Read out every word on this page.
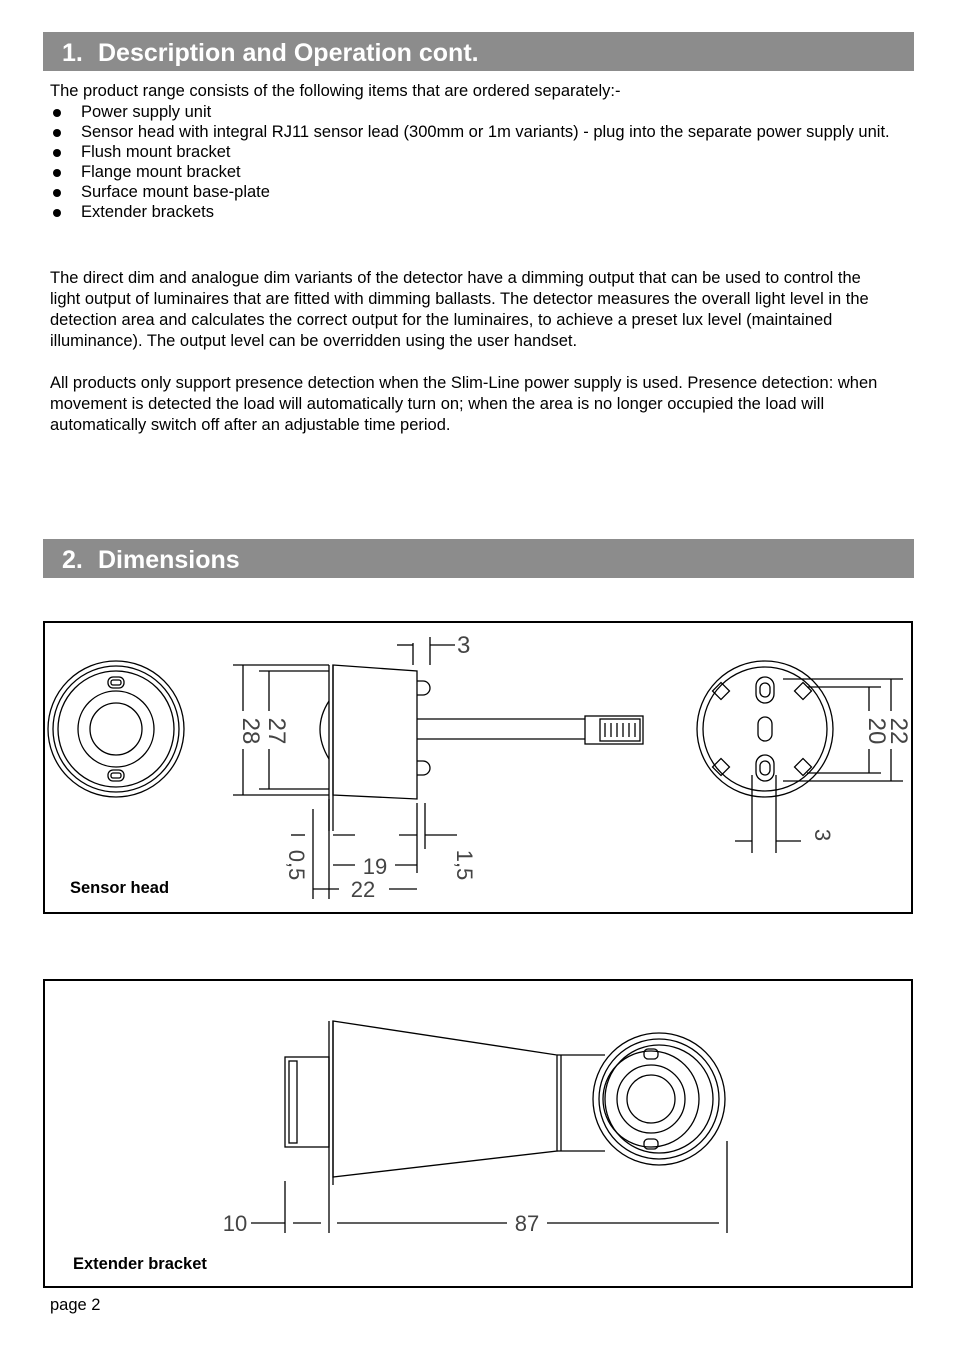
1. Description and Operation cont.
The product range consists of the following items that are ordered separately:-
Power supply unit
Sensor head with integral RJ11 sensor lead (300mm or 1m variants) - plug into the separate power supply unit.
Flush mount bracket
Flange mount bracket
Surface mount base-plate
Extender brackets

The direct dim and analogue dim variants of the detector have a dimming output that can be used to control the light output of luminaires that are fitted with dimming ballasts. The detector measures the overall light level in the detection area and calculates the correct output for the luminaires, to achieve a preset lux level (maintained illuminance). The output level can be overridden using the user handset.

All products only support presence detection when the Slim-Line power supply is used. Presence detection: when movement is detected the load will automatically turn on; when the area is no longer occupied the load will automatically switch off after an adjustable time period.

2. Dimensions
28 27
3
0,5 19
22
1,5
22
20
3
Sensor head
10	87
Extender bracket
page 2
